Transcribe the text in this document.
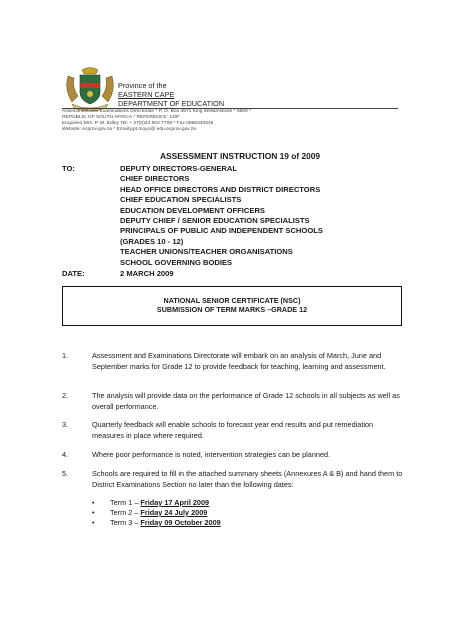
Province of the
EASTERN CAPE
DEPARTMENT OF EDUCATION
Assessment and Examinations Directorate * P. O. Box 4571 King Williamstown * 5600 *
REPUBLIC OF SOUTH AFRICA * REFERENCE: 13/P
Enquiries Mrs. P. M. Edley Tel: + 27(0)43 604 7708 * Fax 0866330345
Website: ecprov.gov.za * Email:ppt.moyo@ edu.ecprov.gov.za
ASSESSMENT INSTRUCTION 19 of 2009
TO:	DEPUTY DIRECTORS-GENERAL
CHIEF DIRECTORS
HEAD OFFICE DIRECTORS AND DISTRICT DIRECTORS
CHIEF EDUCATION SPECIALISTS
EDUCATION DEVELOPMENT OFFICERS
DEPUTY CHIEF / SENIOR EDUCATION SPECIALISTS
PRINCIPALS OF PUBLIC AND INDEPENDENT SCHOOLS
(GRADES 10 - 12)
TEACHER UNIONS/TEACHER ORGANISATIONS
SCHOOL GOVERNING BODIES
DATE:	2 MARCH 2009
NATIONAL SENIOR CERTIFICATE (NSC)
SUBMISSION OF TERM MARKS –GRADE 12
1.	Assessment and Examinations Directorate will embark on an analysis of March, June and September marks for Grade 12 to provide feedback for teaching, learning and assessment.
2.	The analysis will provide data on the performance of Grade 12 schools in all subjects as well as overall performance.
3.	Quarterly feedback will enable schools to forecast year end results and put remediation measures in place where required.
4.	Where poor performance is noted, intervention strategies can be planned.
5.	Schools are required to fill in the attached summary sheets (Annexures A & B) and hand them to District Examinations Section no later than the following dates:
• Term 1 – Friday 17 April 2009
• Term 2 – Friday 24 July 2009
• Term 3 – Friday 09 October 2009
